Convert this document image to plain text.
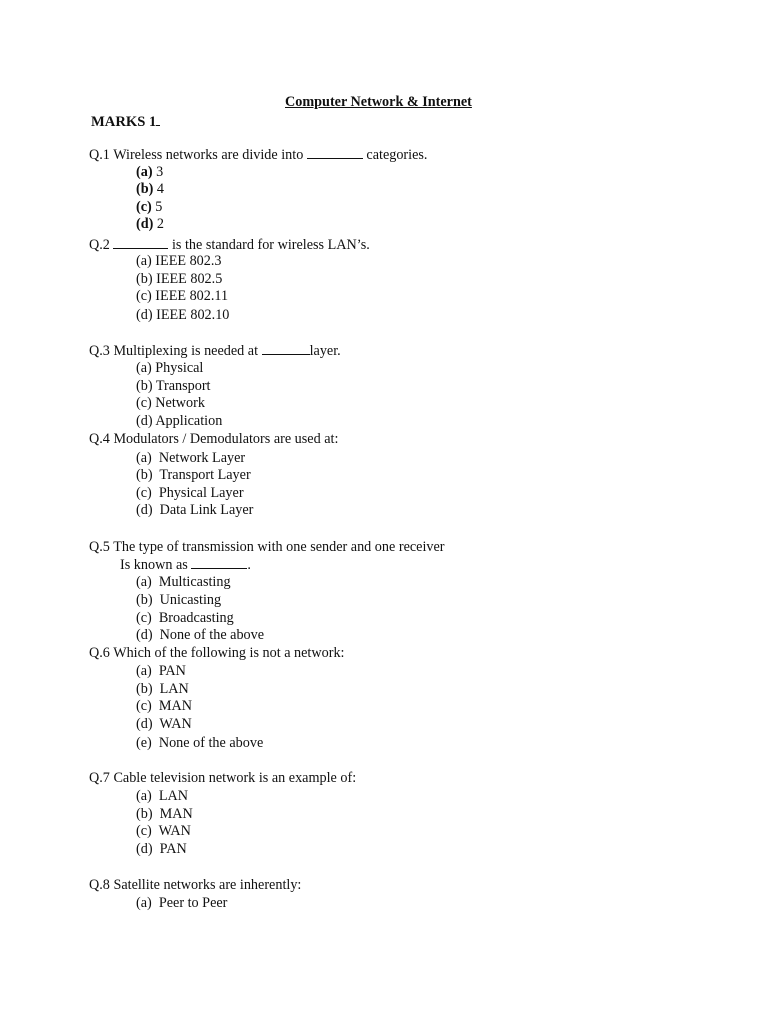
Computer Network & Internet
MARKS 1
Q.1 Wireless networks are divide into	categories.
(a) 3
(b) 4
(c) 5
(d) 2
Q.2	is the standard for wireless LAN’s.
(a) IEEE 802.3
(b) IEEE 802.5
(c) IEEE 802.11
(d) IEEE 802.10
Q.3 Multiplexing is needed at	layer.
(a) Physical
(b) Transport
(c) Network
(d) Application
Q.4 Modulators / Demodulators are used at:
(a) Network Layer
(b) Transport Layer
(c) Physical Layer
(d) Data Link Layer
Q.5 The type of transmission with one sender and one receiver
Is known as	.
(a) Multicasting
(b) Unicasting
(c) Broadcasting
(d) None of the above
Q.6 Which of the following is not a network:
(a) PAN
(b) LAN
(c) MAN
(d) WAN
(e) None of the above
Q.7 Cable television network is an example of:
(a) LAN
(b) MAN
(c) WAN
(d) PAN
Q.8 Satellite networks are inherently:
(a) Peer to Peer
